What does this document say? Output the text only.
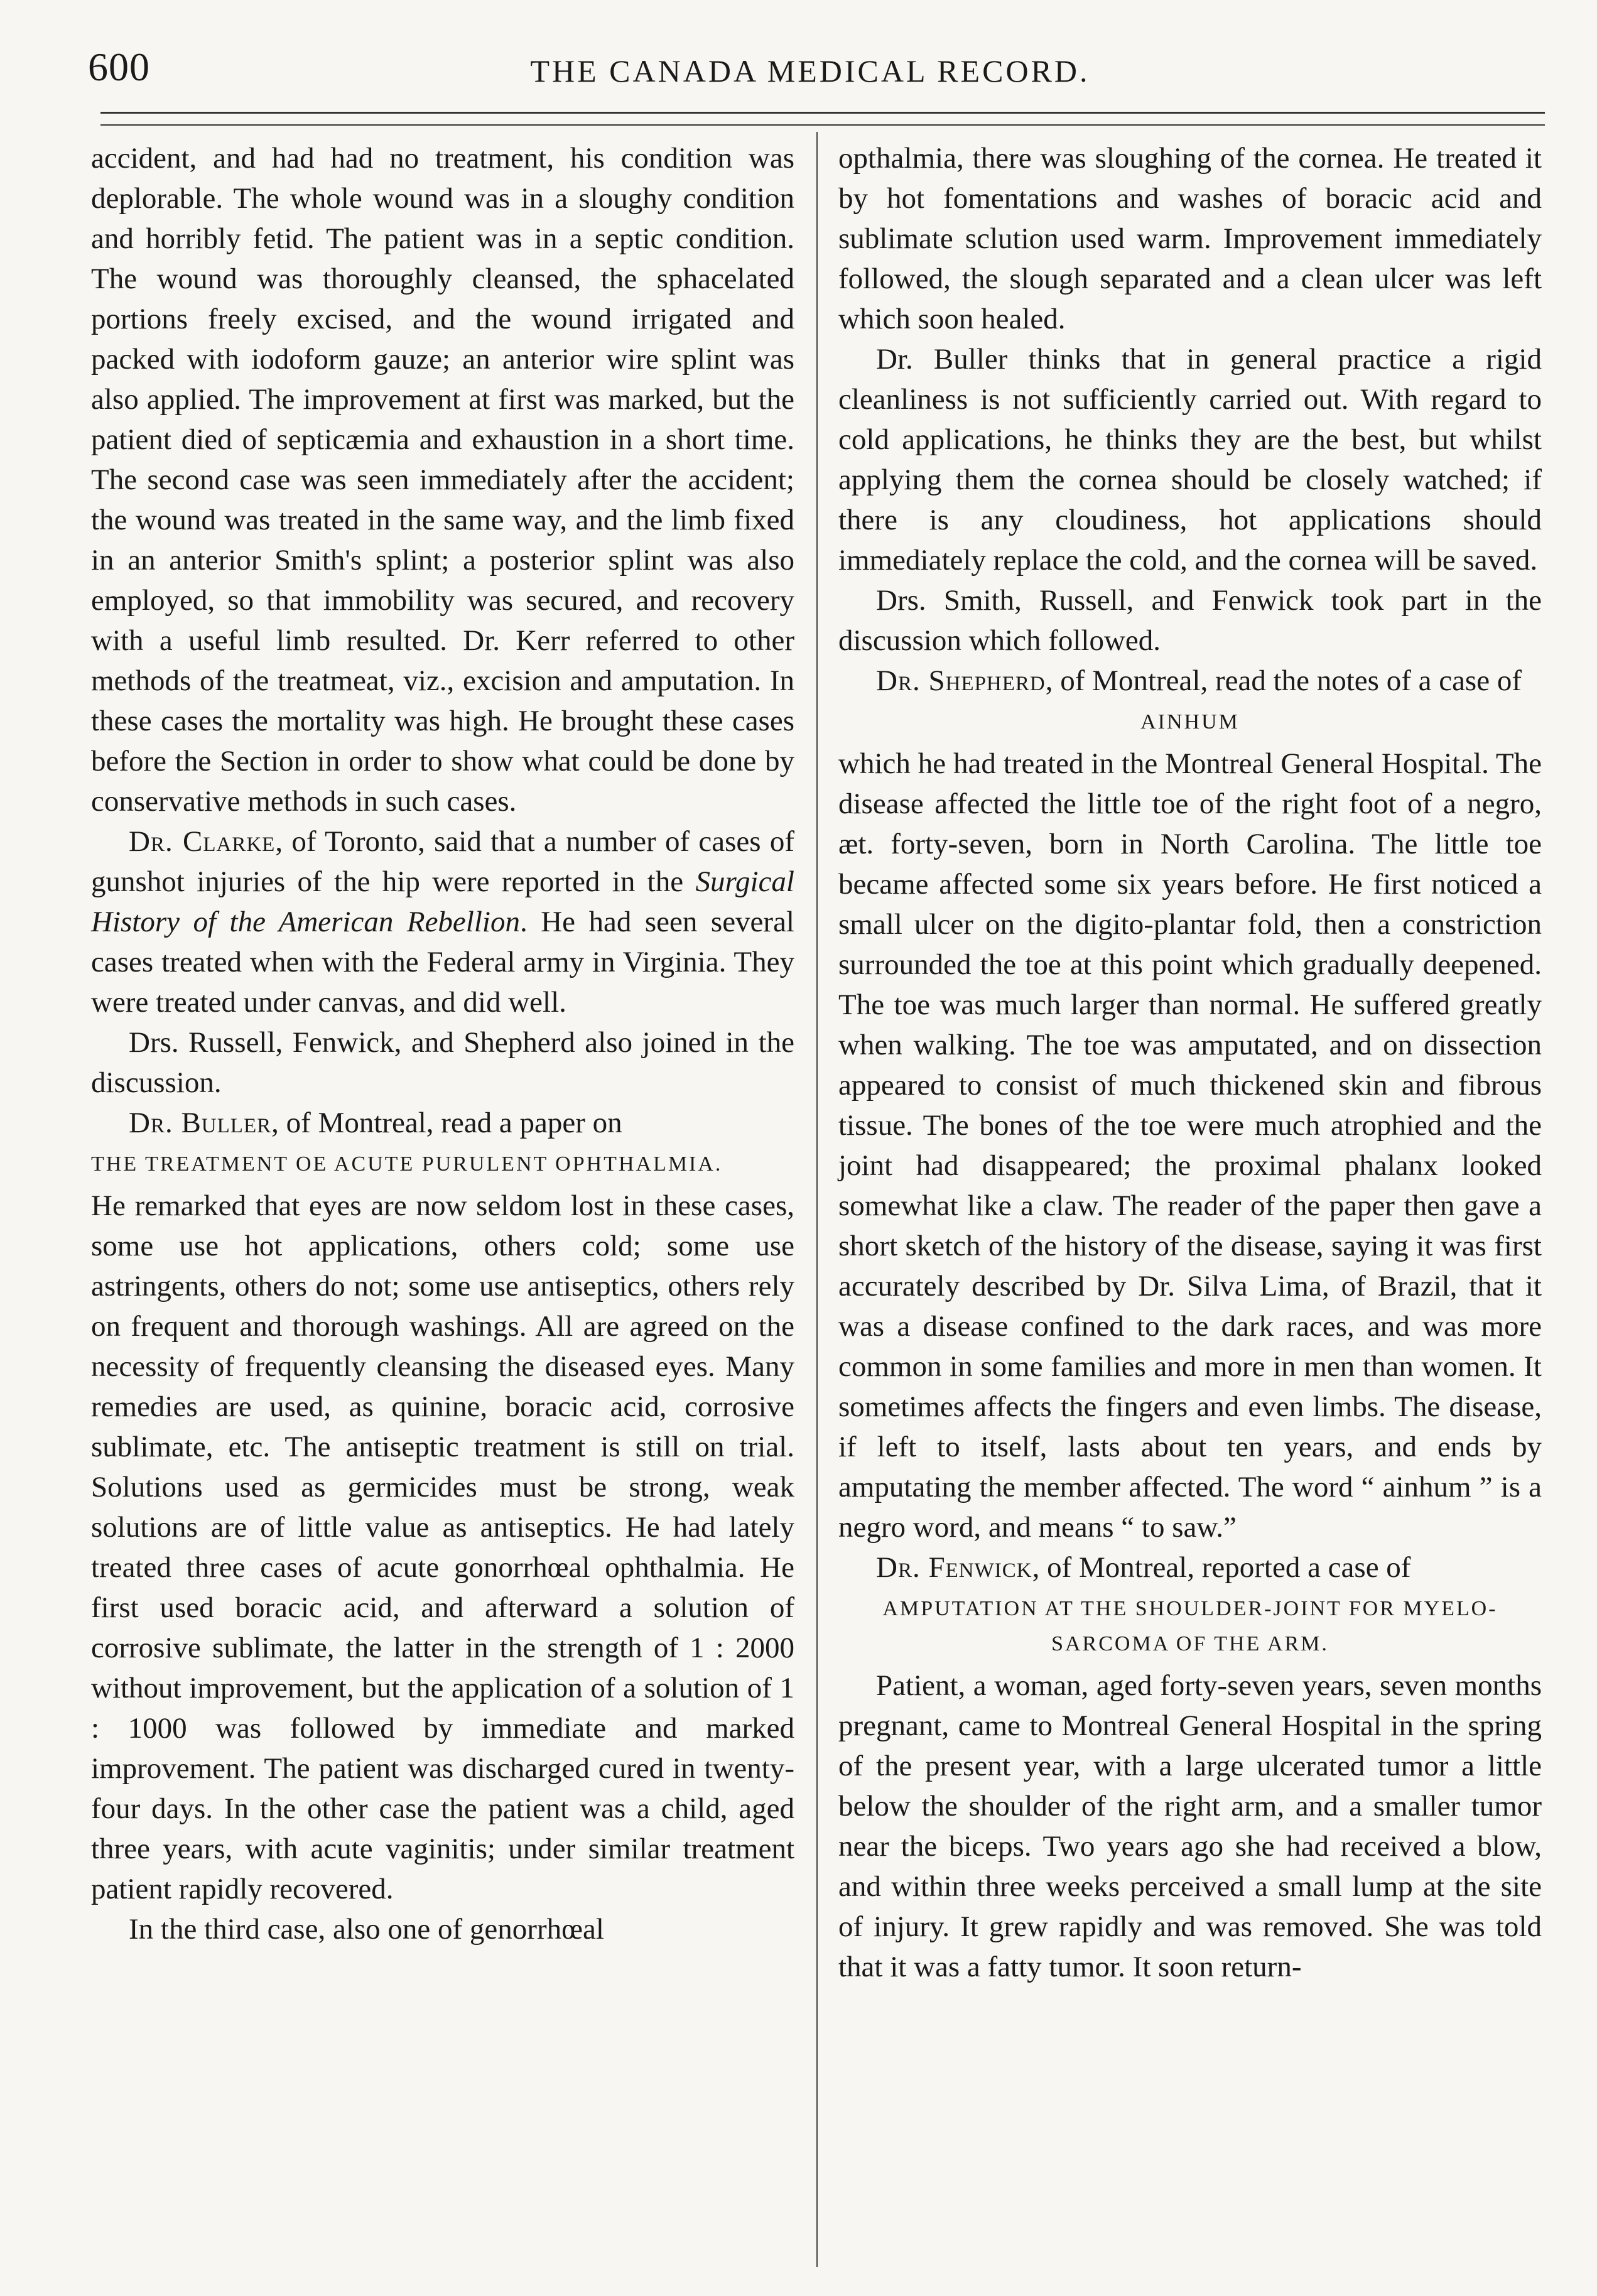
600	THE CANADA MEDICAL RECORD.

accident, and had had no treatment, his condition was deplorable. The whole wound was in a sloughy condition and horribly fetid. The patient was in a septic condition. The wound was thoroughly cleansed, the sphacelated portions freely excised, and the wound irrigated and packed with iodoform gauze; an anterior wire splint was also applied. The improvement at first was marked, but the patient died of septicæmia and exhaustion in a short time. The second case was seen immediately after the accident; the wound was treated in the same way, and the limb fixed in an anterior Smith's splint; a posterior splint was also employed, so that immobility was secured, and recovery with a useful limb resulted. Dr. Kerr referred to other methods of the treatmeat, viz., excision and amputation. In these cases the mortality was high. He brought these cases before the Section in order to show what could be done by conservative methods in such cases.

Dr. Clarke, of Toronto, said that a number of cases of gunshot injuries of the hip were reported in the Surgical History of the American Rebellion. He had seen several cases treated when with the Federal army in Virginia. They were treated under canvas, and did well.

Drs. Russell, Fenwick, and Shepherd also joined in the discussion.

Dr. Buller, of Montreal, read a paper on

THE TREATMENT OE ACUTE PURULENT OPHTHALMIA.

He remarked that eyes are now seldom lost in these cases, some use hot applications, others cold; some use astringents, others do not; some use antiseptics, others rely on frequent and thorough washings. All are agreed on the necessity of frequently cleansing the diseased eyes. Many remedies are used, as quinine, boracic acid, corrosive sublimate, etc. The antiseptic treatment is still on trial. Solutions used as germicides must be strong, weak solutions are of little value as antiseptics. He had lately treated three cases of acute gonorrhœal ophthalmia. He first used boracic acid, and afterward a solution of corrosive sublimate, the latter in the strength of 1 : 2000 without improvement, but the application of a solution of 1 : 1000 was followed by immediate and marked improvement. The patient was discharged cured in twenty-four days. In the other case the patient was a child, aged three years, with acute vaginitis; under similar treatment patient rapidly recovered.

In the third case, also one of genorrhœal

opthalmia, there was sloughing of the cornea. He treated it by hot fomentations and washes of boracic acid and sublimate sclution used warm. Improvement immediately followed, the slough separated and a clean ulcer was left which soon healed.

Dr. Buller thinks that in general practice a rigid cleanliness is not sufficiently carried out. With regard to cold applications, he thinks they are the best, but whilst applying them the cornea should be closely watched; if there is any cloudiness, hot applications should immediately replace the cold, and the cornea will be saved.

Drs. Smith, Russell, and Fenwick took part in the discussion which followed.

Dr. Shepherd, of Montreal, read the notes of a case of

AINHUM

which he had treated in the Montreal General Hospital. The disease affected the little toe of the right foot of a negro, æt. forty-seven, born in North Carolina. The little toe became affected some six years before. He first noticed a small ulcer on the digito-plantar fold, then a constriction surrounded the toe at this point which gradually deepened. The toe was much larger than normal. He suffered greatly when walking. The toe was amputated, and on dissection appeared to consist of much thickened skin and fibrous tissue. The bones of the toe were much atrophied and the joint had disappeared; the proximal phalanx looked somewhat like a claw. The reader of the paper then gave a short sketch of the history of the disease, saying it was first accurately described by Dr. Silva Lima, of Brazil, that it was a disease confined to the dark races, and was more common in some families and more in men than women. It sometimes affects the fingers and even limbs. The disease, if left to itself, lasts about ten years, and ends by amputating the member affected. The word “ ainhum ” is a negro word, and means “ to saw.”

Dr. Fenwick, of Montreal, reported a case of

AMPUTATION AT THE SHOULDER-JOINT FOR MYELO-SARCOMA OF THE ARM.

Patient, a woman, aged forty-seven years, seven months pregnant, came to Montreal General Hospital in the spring of the present year, with a large ulcerated tumor a little below the shoulder of the right arm, and a smaller tumor near the biceps. Two years ago she had received a blow, and within three weeks perceived a small lump at the site of injury. It grew rapidly and was removed. She was told that it was a fatty tumor. It soon return-
